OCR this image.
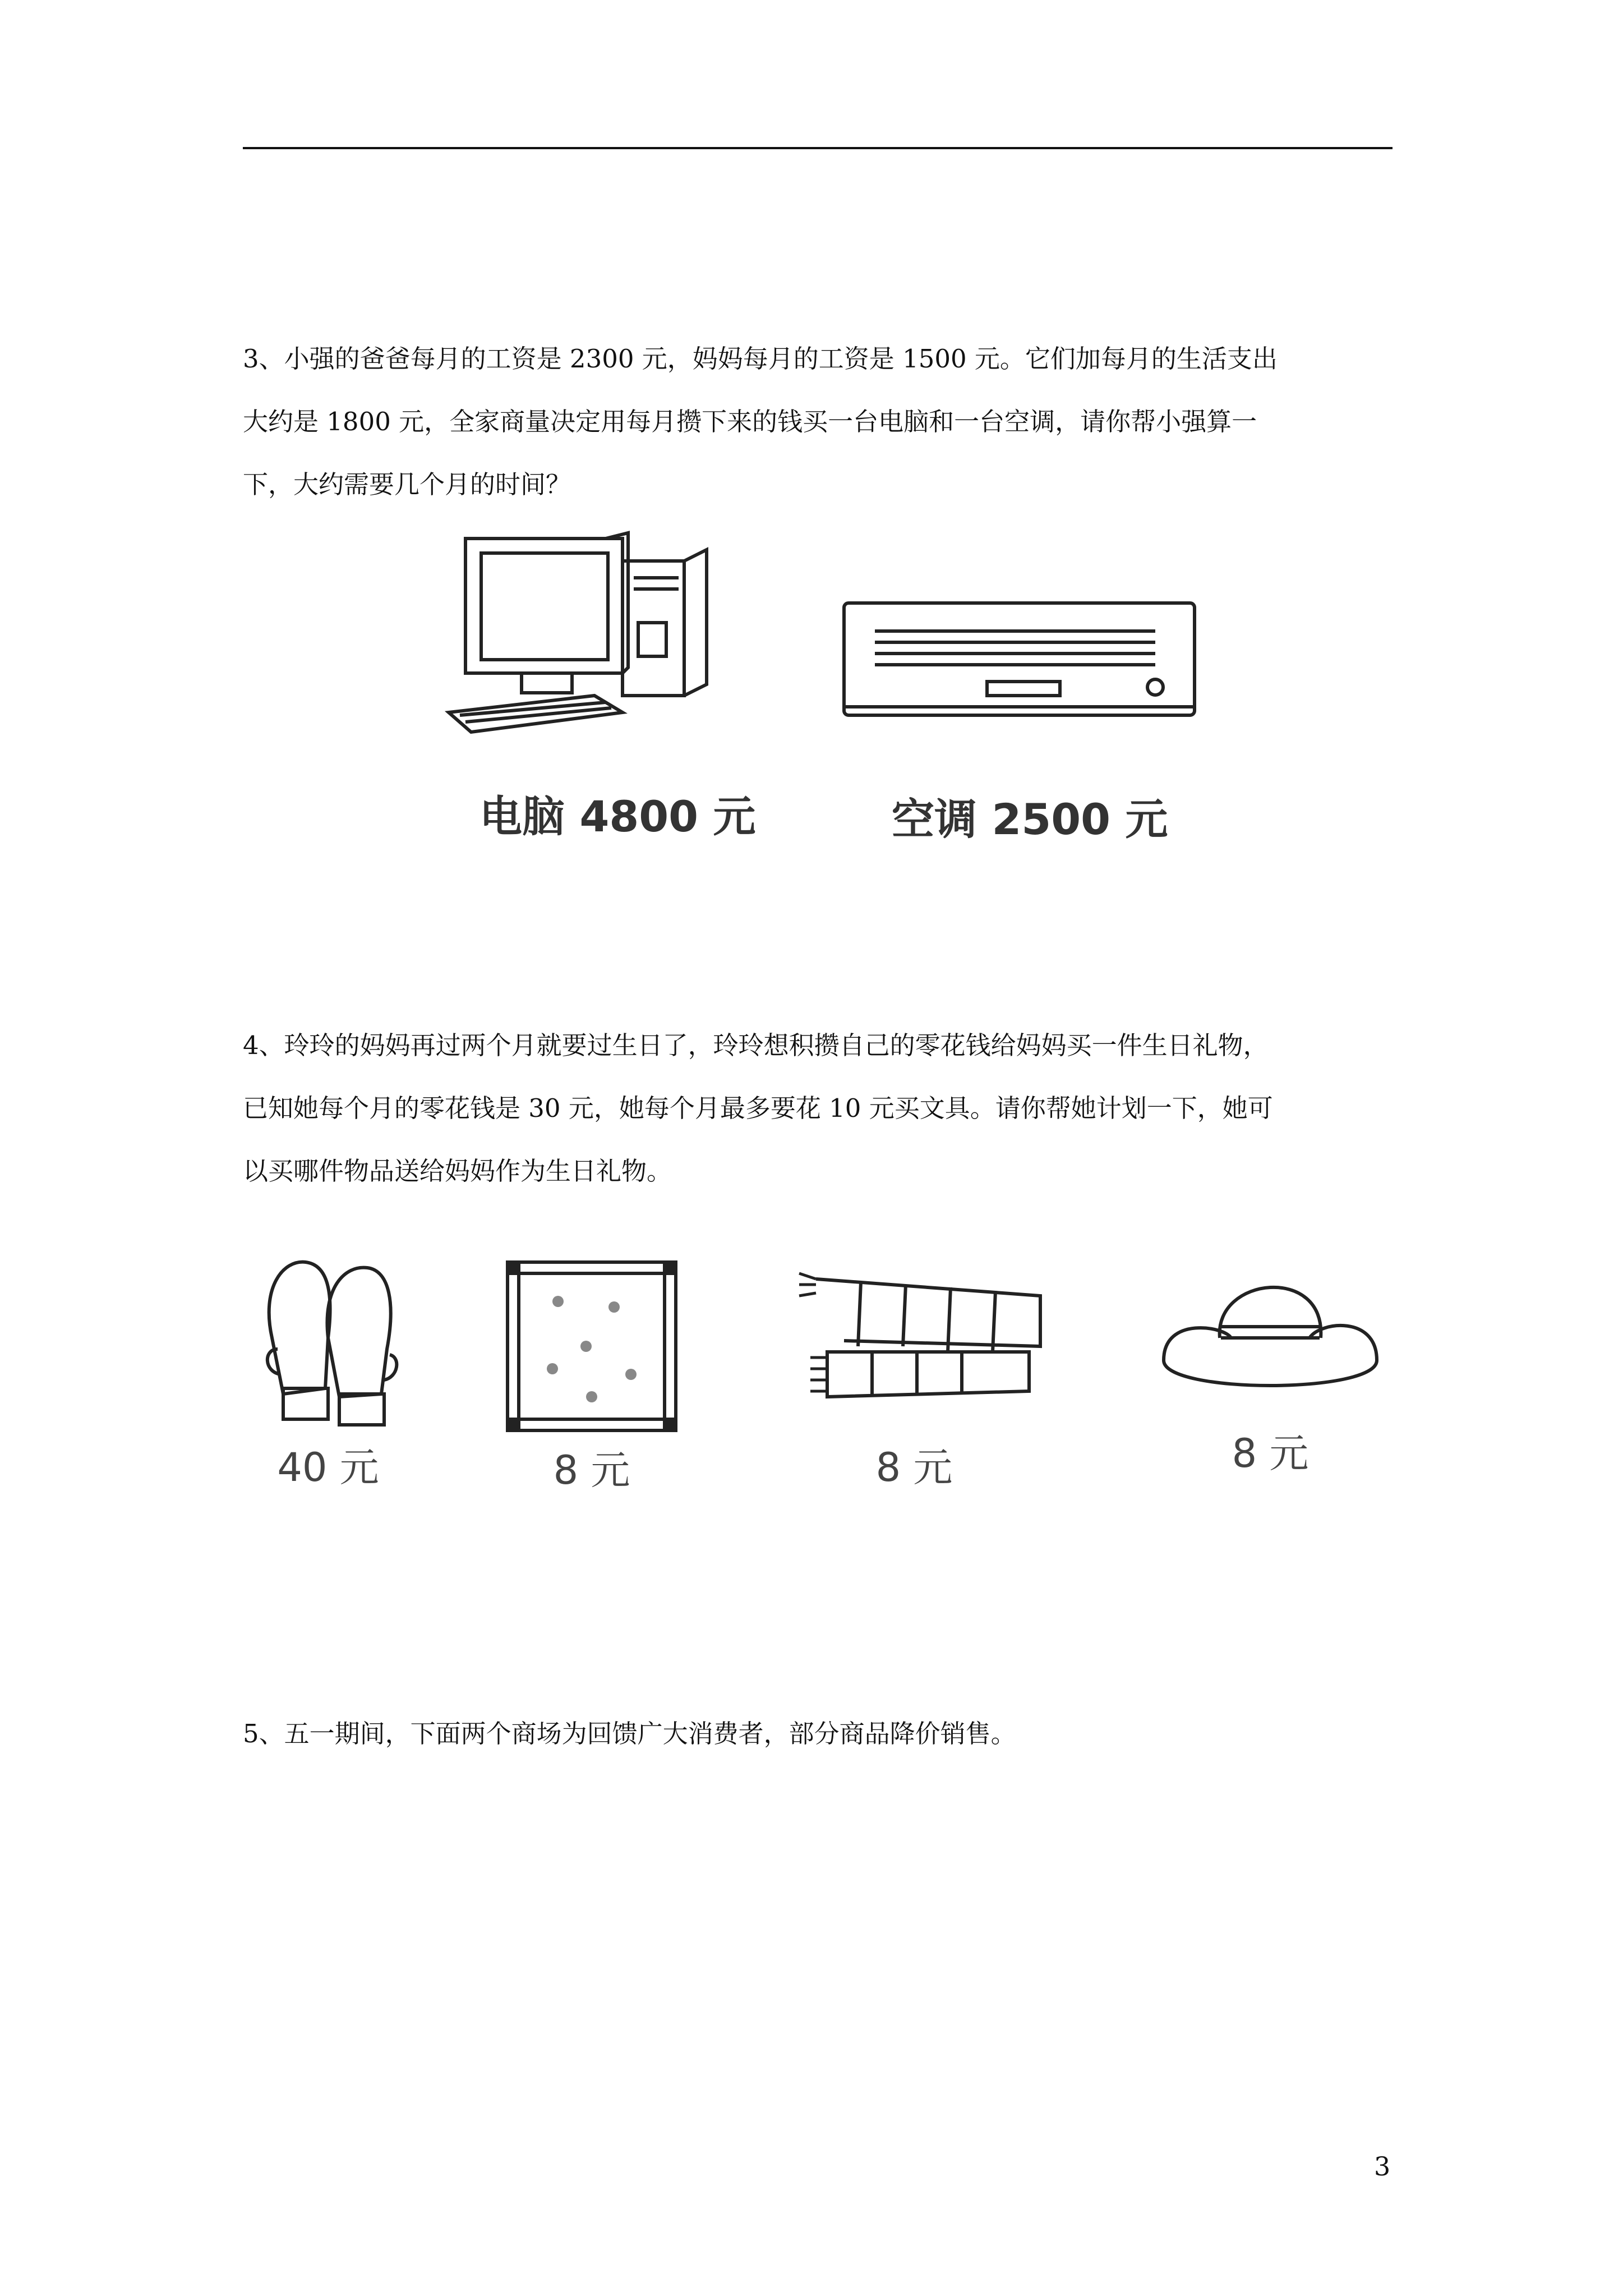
3、小强的爸爸每月的工资是 2300 元，妈妈每月的工资是 1500 元。它们加每月的生活支出
大约是 1800 元，全家商量决定用每月攒下来的钱买一台电脑和一台空调，请你帮小强算一
下，大约需要几个月的时间？

电脑 4800 元	空调 2500 元

4、玲玲的妈妈再过两个月就要过生日了，玲玲想积攒自己的零花钱给妈妈买一件生日礼物，
已知她每个月的零花钱是 30 元，她每个月最多要花 10 元买文具。请你帮她计划一下，她可
以买哪件物品送给妈妈作为生日礼物。

40 元	8 元	8 元	8 元

5、五一期间，下面两个商场为回馈广大消费者，部分商品降价销售。

3
